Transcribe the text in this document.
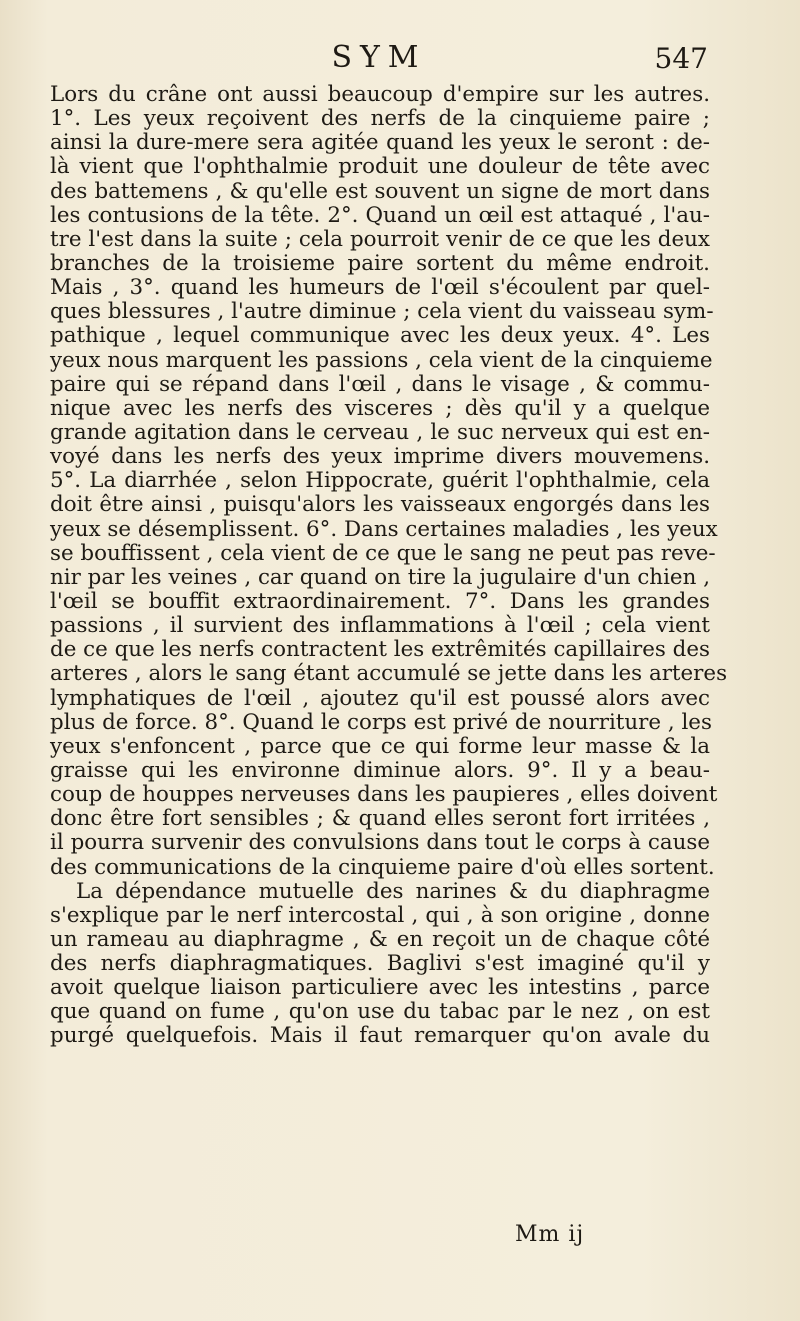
SYM	547
Lors du crâne ont aussi beaucoup d'empire sur les autres.
1°. Les yeux reçoivent des nerfs de la cinquieme paire ;
ainsi la dure-mere sera agitée quand les yeux le seront : de-
là vient que l'ophthalmie produit une douleur de tête avec
des battemens , & qu'elle est souvent un signe de mort dans
les contusions de la tête. 2°. Quand un œil est attaqué , l'au-
tre l'est dans la suite ; cela pourroit venir de ce que les deux
branches de la troisieme paire sortent du même endroit.
Mais , 3°. quand les humeurs de l'œil s'écoulent par quel-
ques blessures , l'autre diminue ; cela vient du vaisseau sym-
pathique , lequel communique avec les deux yeux. 4°. Les
yeux nous marquent les passions , cela vient de la cinquieme
paire qui se répand dans l'œil , dans le visage , & commu-
nique avec les nerfs des visceres ; dès qu'il y a quelque
grande agitation dans le cerveau , le suc nerveux qui est en-
voyé dans les nerfs des yeux imprime divers mouvemens.
5°. La diarrhée , selon Hippocrate, guérit l'ophthalmie, cela
doit être ainsi , puisqu'alors les vaisseaux engorgés dans les
yeux se désemplissent. 6°. Dans certaines maladies , les yeux
se bouffissent , cela vient de ce que le sang ne peut pas reve-
nir par les veines , car quand on tire la jugulaire d'un chien ,
l'œil se bouffit extraordinairement. 7°. Dans les grandes
passions , il survient des inflammations à l'œil ; cela vient
de ce que les nerfs contractent les extrêmités capillaires des
arteres , alors le sang étant accumulé se jette dans les arteres
lymphatiques de l'œil , ajoutez qu'il est poussé alors avec
plus de force. 8°. Quand le corps est privé de nourriture , les
yeux s'enfoncent , parce que ce qui forme leur masse & la
graisse qui les environne diminue alors. 9°. Il y a beau-
coup de houppes nerveuses dans les paupieres , elles doivent
donc être fort sensibles ; & quand elles seront fort irritées ,
il pourra survenir des convulsions dans tout le corps à cause
des communications de la cinquieme paire d'où elles sortent.
La dépendance mutuelle des narines & du diaphragme
s'explique par le nerf intercostal , qui , à son origine , donne
un rameau au diaphragme , & en reçoit un de chaque côté
des nerfs diaphragmatiques. Baglivi s'est imaginé qu'il y
avoit quelque liaison particuliere avec les intestins , parce
que quand on fume , qu'on use du tabac par le nez , on est
purgé quelquefois. Mais il faut remarquer qu'on avale du
Mm ij
